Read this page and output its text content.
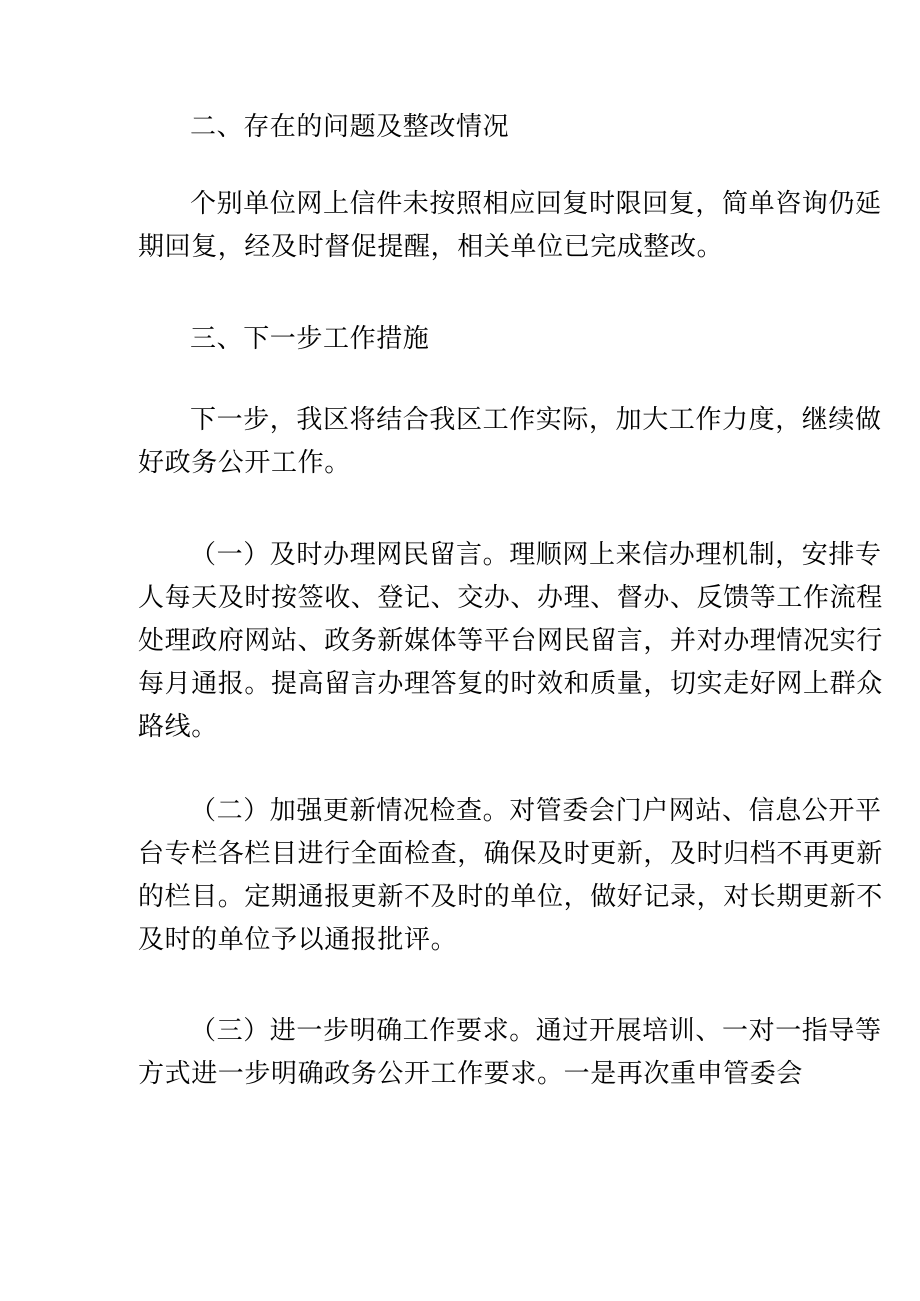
二、存在的问题及整改情况
个别单位网上信件未按照相应回复时限回复，简单咨询仍延
期回复，经及时督促提醒，相关单位已完成整改。
三、下一步工作措施
下一步，我区将结合我区工作实际，加大工作力度，继续做
好政务公开工作。
（一）及时办理网民留言。理顺网上来信办理机制，安排专
人每天及时按签收、登记、交办、办理、督办、反馈等工作流程
处理政府网站、政务新媒体等平台网民留言，并对办理情况实行
每月通报。提高留言办理答复的时效和质量，切实走好网上群众
路线。
（二）加强更新情况检查。对管委会门户网站、信息公开平
台专栏各栏目进行全面检查，确保及时更新，及时归档不再更新
的栏目。定期通报更新不及时的单位，做好记录，对长期更新不
及时的单位予以通报批评。
（三）进一步明确工作要求。通过开展培训、一对一指导等
方式进一步明确政务公开工作要求。一是再次重申管委会
